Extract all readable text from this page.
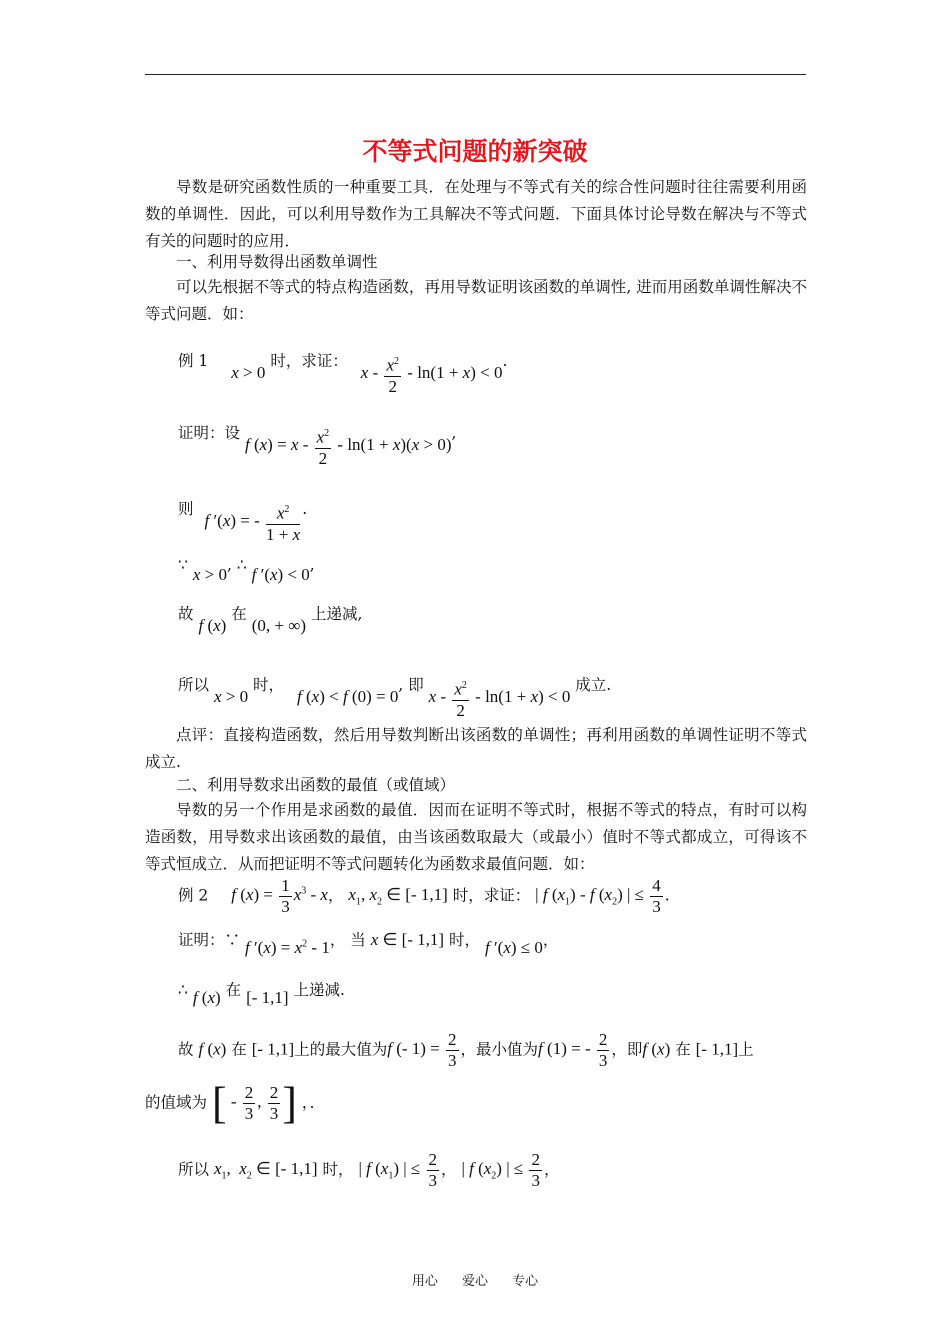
不等式问题的新突破
导数是研究函数性质的一种重要工具．在处理与不等式有关的综合性问题时往往需要利用函数的单调性．因此，可以利用导数作为工具解决不等式问题．下面具体讨论导数在解决与不等式有关的问题时的应用．
一、利用导数得出函数单调性
可以先根据不等式的特点构造函数，再用导数证明该函数的单调性, 进而用函数单调性解决不等式问题．如：
例 1 x > 0 时，求证： $x - \frac{x^2}{2} - \ln(1 + x) < 0$.
证明：设 f $(x) = x - \frac{x^2}{2} - \ln(1 + x)(x > 0)$,
则 f ′(x) = - $\frac{x^2}{1 + x}$ .
∵ x > 0, ∴ f ′(x) < 0,
故 f (x) 在 (0, + ∞) 上递减,
所以 x > 0 时， f (x) < f (0) = 0, 即 $x - \frac{x^2}{2} - \ln(1 + x) < 0$ 成立.
点评：直接构造函数，然后用导数判断出该函数的单调性；再利用函数的单调性证明不等式成立.
二、利用导数求出函数的最值（或值域）
导数的另一个作用是求函数的最值．因而在证明不等式时，根据不等式的特点，有时可以构造函数，用导数求出该函数的最值，由当该函数取最大（或最小）值时不等式都成立，可得该不等式恒成立．从而把证明不等式问题转化为函数求最值问题．如：
例 2 f $(x) = \frac{1}{3} x^3 - x$， $x_1$, $x_2$ ∈ [- 1,1] 时，求证： | f $(x_1)$ - f $(x_2)$ | ≤ $\frac{4}{3}$ .
证明：∵ f $'(x) = x^2 - 1$， 当 x ∈ [- 1,1] 时， f ′(x) ≤ 0，
∴ f (x) 在 [- 1,1] 上递减.
故 f (x) 在 [- 1,1]上的最大值为f (- $1) = \frac{2}{3}$ ，最小值为f (1) = - $\frac{2}{3}$ ，即f (x) 在 [- 1,1]上
的值域为 [ - $\frac{2}{3}$ , $\frac{2}{3}$ ] ，．
所以 $x_1$,  $x_2$ ∈ [- 1,1] 时， | f $(x_1)$ | ≤ $\frac{2}{3}$ ， | f $(x_2)$ | ≤ $\frac{2}{3}$ ，
用心 爱心 专心
